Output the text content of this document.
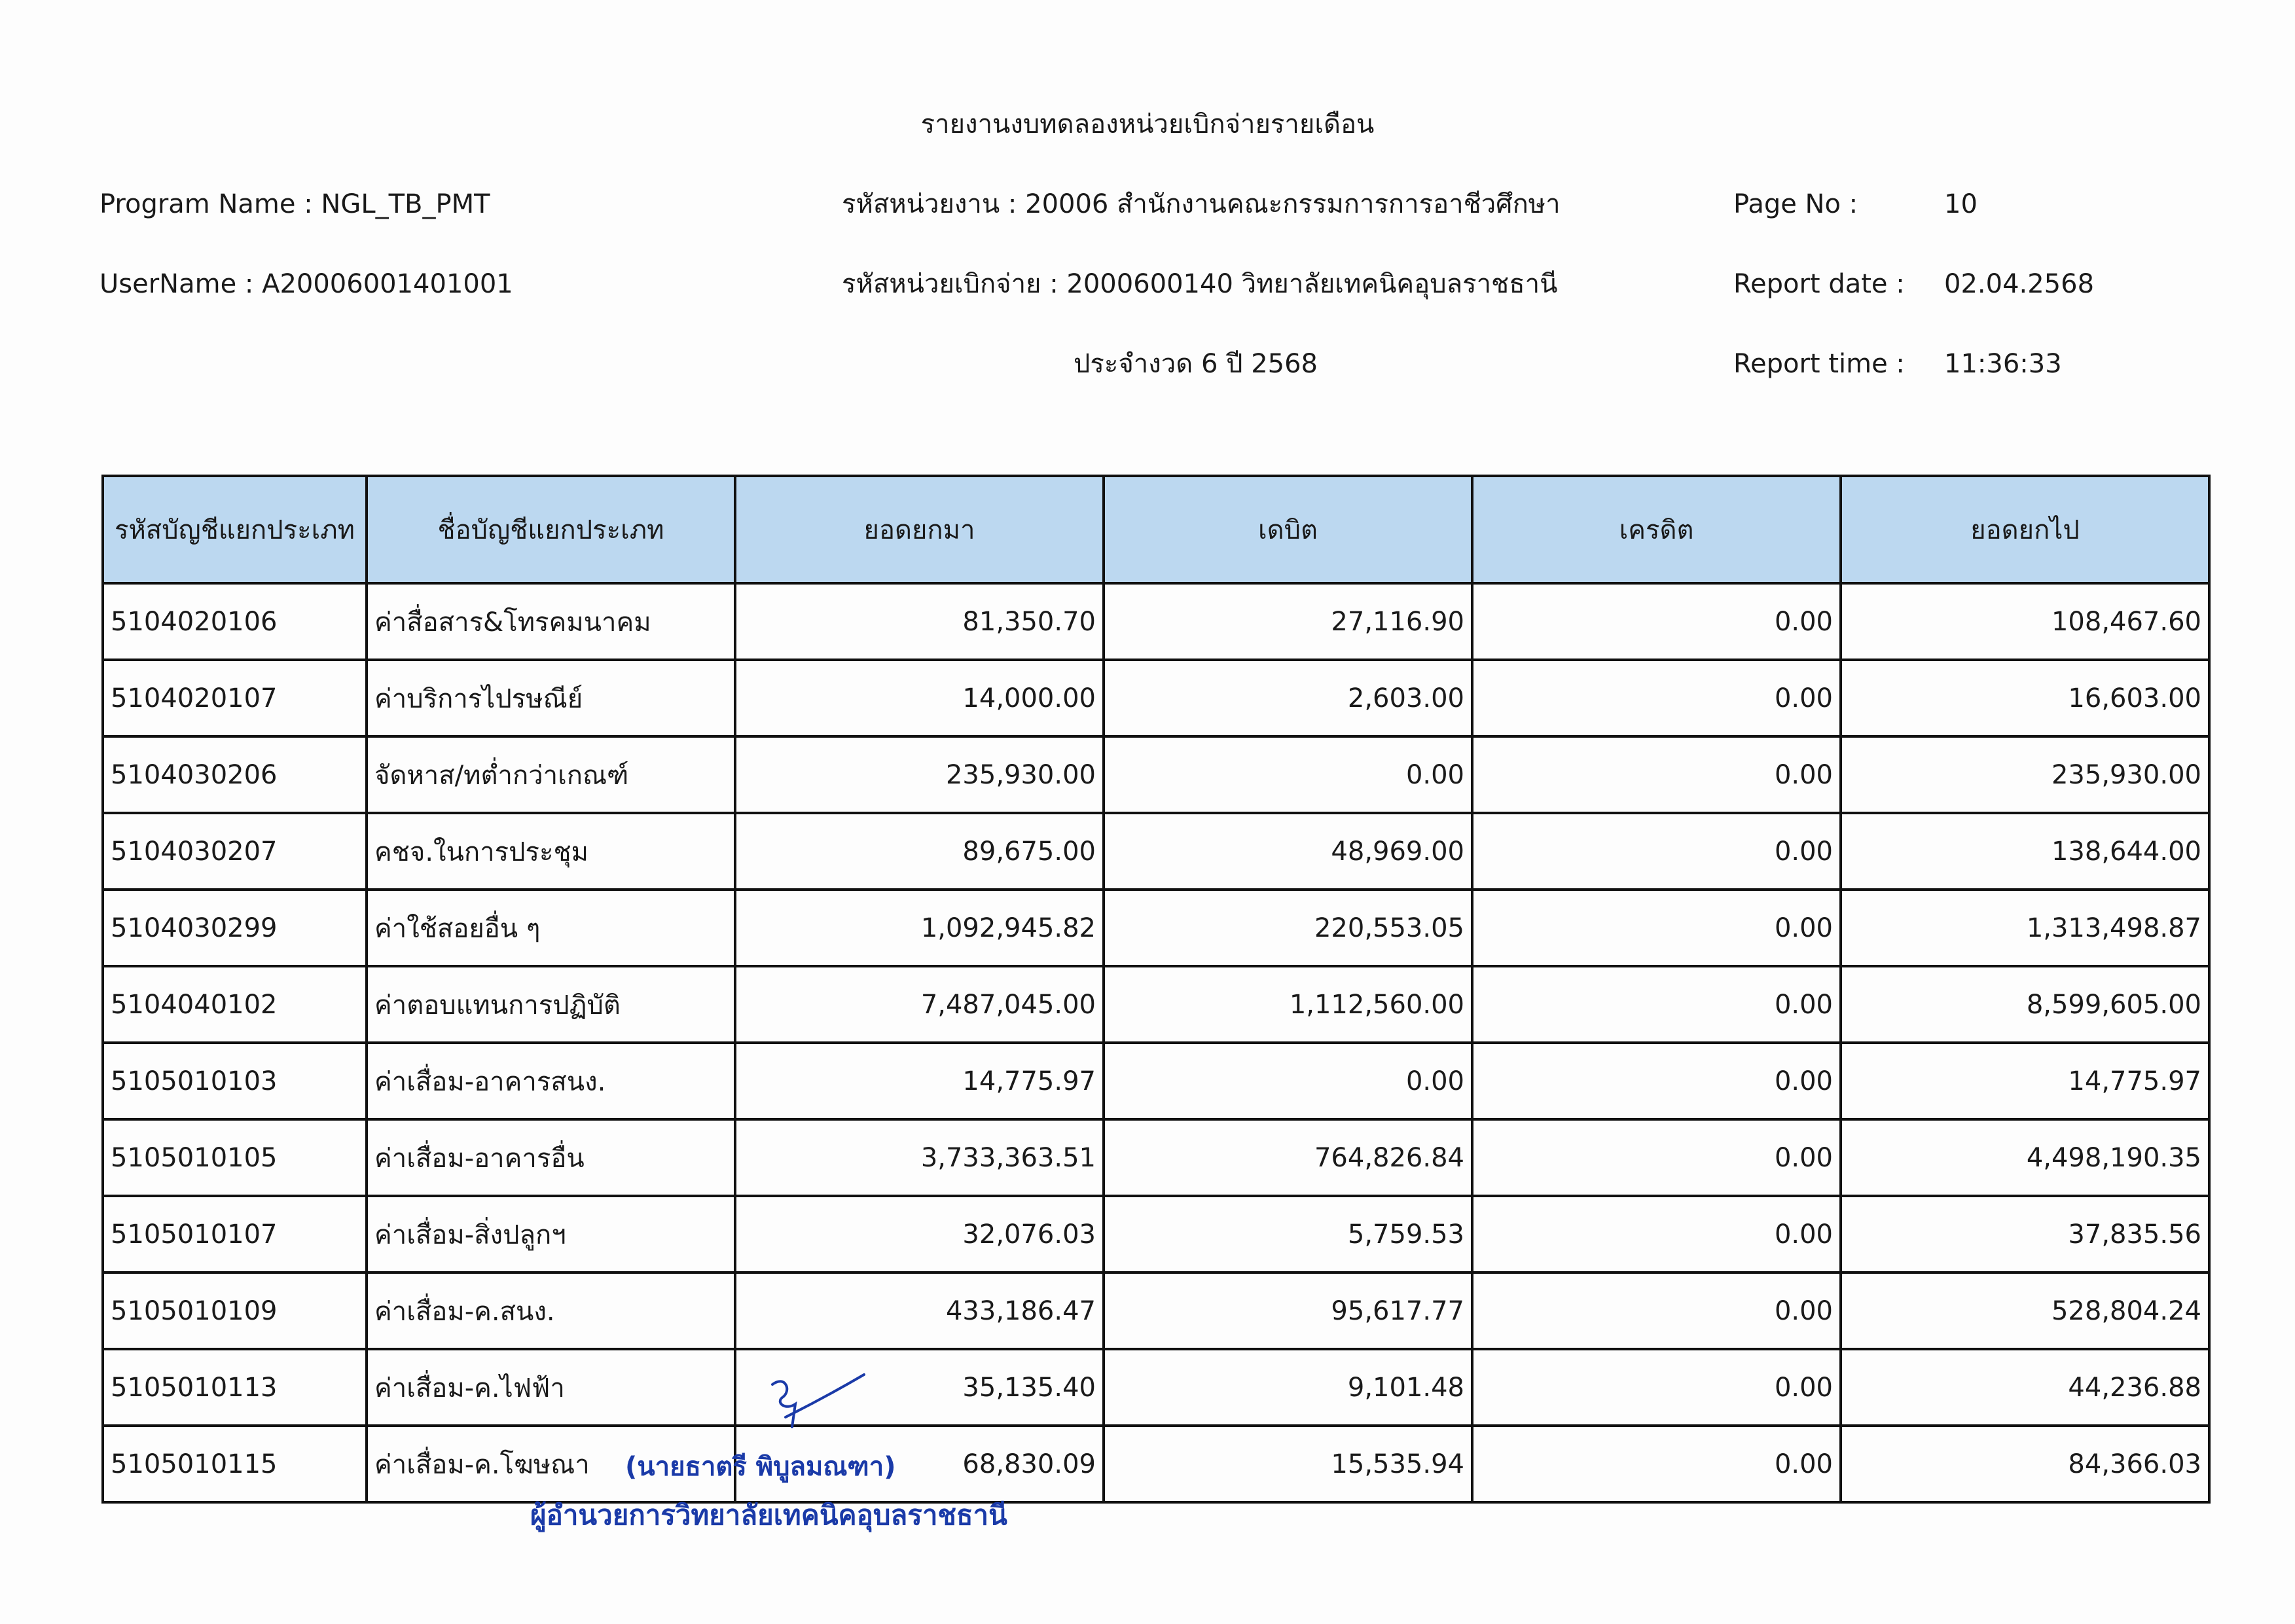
รายงานงบทดลองหน่วยเบิกจ่ายรายเดือน
Program Name : NGL_TB_PMT
UserName : A20006001401001
รหัสหน่วยงาน : 20006 สำนักงานคณะกรรมการการอาชีวศึกษา
รหัสหน่วยเบิกจ่าย : 2000600140 วิทยาลัยเทคนิคอุบลราชธานี
ประจำงวด 6 ปี 2568
Page No :	10
Report date : 02.04.2568
Report time : 11:36:33
รหัสบัญชีแยกประเภท	ชื่อบัญชีแยกประเภท	ยอดยกมา	เดบิต	เครดิต	ยอดยกไป
5104020106	ค่าสื่อสาร&โทรคมนาคม	81,350.70	27,116.90	0.00	108,467.60
5104020107	ค่าบริการไปรษณีย์	14,000.00	2,603.00	0.00	16,603.00
5104030206	จัดหาส/ทต่ำกว่าเกณฑ์	235,930.00	0.00	0.00	235,930.00
5104030207	คชจ.ในการประชุม	89,675.00	48,969.00	0.00	138,644.00
5104030299	ค่าใช้สอยอื่น ๆ	1,092,945.82	220,553.05	0.00	1,313,498.87
5104040102	ค่าตอบแทนการปฏิบัติ	7,487,045.00	1,112,560.00	0.00	8,599,605.00
5105010103	ค่าเสื่อม-อาคารสนง.	14,775.97	0.00	0.00	14,775.97
5105010105	ค่าเสื่อม-อาคารอื่น	3,733,363.51	764,826.84	0.00	4,498,190.35
5105010107	ค่าเสื่อม-สิ่งปลูกฯ	32,076.03	5,759.53	0.00	37,835.56
5105010109	ค่าเสื่อม-ค.สนง.	433,186.47	95,617.77	0.00	528,804.24
5105010113	ค่าเสื่อม-ค.ไฟฟ้า	35,135.40	9,101.48	0.00	44,236.88
5105010115	ค่าเสื่อม-ค.โฆษณา	68,830.09	15,535.94	0.00	84,366.03
(นายธาตรี พิบูลมณฑา)
ผู้อำนวยการวิทยาลัยเทคนิคอุบลราชธานี
